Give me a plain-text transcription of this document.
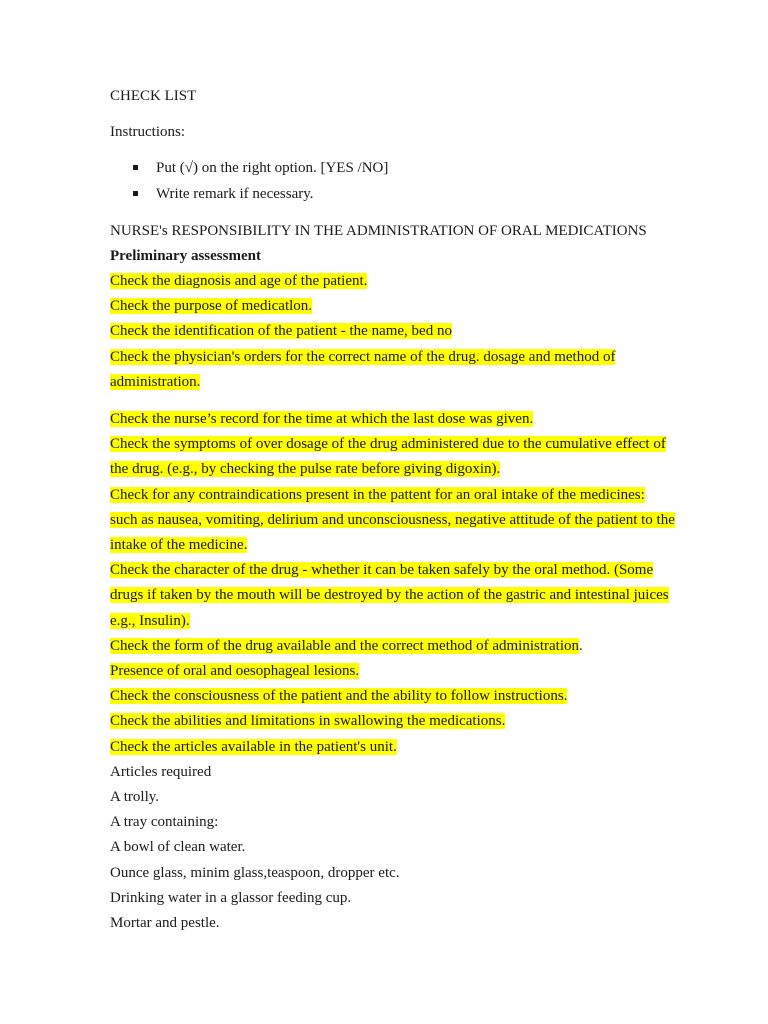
CHECK LIST

Instructions:

Put (√) on the right option. [YES /NO]
Write remark if necessary.

NURSE's RESPONSIBILITY IN THE ADMINISTRATION OF ORAL MEDICATIONS

Preliminary assessment

Check the diagnosis and age of the patient.

Check the purpose of medicatlon.

Check the identification of the patient - the name, bed no

Check the physician's orders for the correct name of the drug. dosage and method of administration.

Check the nurse’s record for the time at which the last dose was given.

Check the symptoms of over dosage of the drug administered due to the cumulative effect of the drug. (e.g., by checking the pulse rate before giving digoxin).

Check for any contraindications present in the pattent for an oral intake of the medicines: such as nausea, vomiting, delirium and unconsciousness, negative attitude of the patient to the intake of the medicine.

Check the character of the drug - whether it can be taken safely by the oral method. (Some drugs if taken by the mouth will be destroyed by the action of the gastric and intestinal juices e.g., Insulin).

Check the form of the drug available and the correct method of administration.

Presence of oral and oesophageal lesions.

Check the consciousness of the patient and the ability to follow instructions.

Check the abilities and limitations in swallowing the medications.

Check the articles available in the patient's unit.

Articles required

A trolly.

A tray containing:

A bowl of clean water.

Ounce glass, minim glass,teaspoon, dropper etc.

Drinking water in a glassor feeding cup.

Mortar and pestle.
